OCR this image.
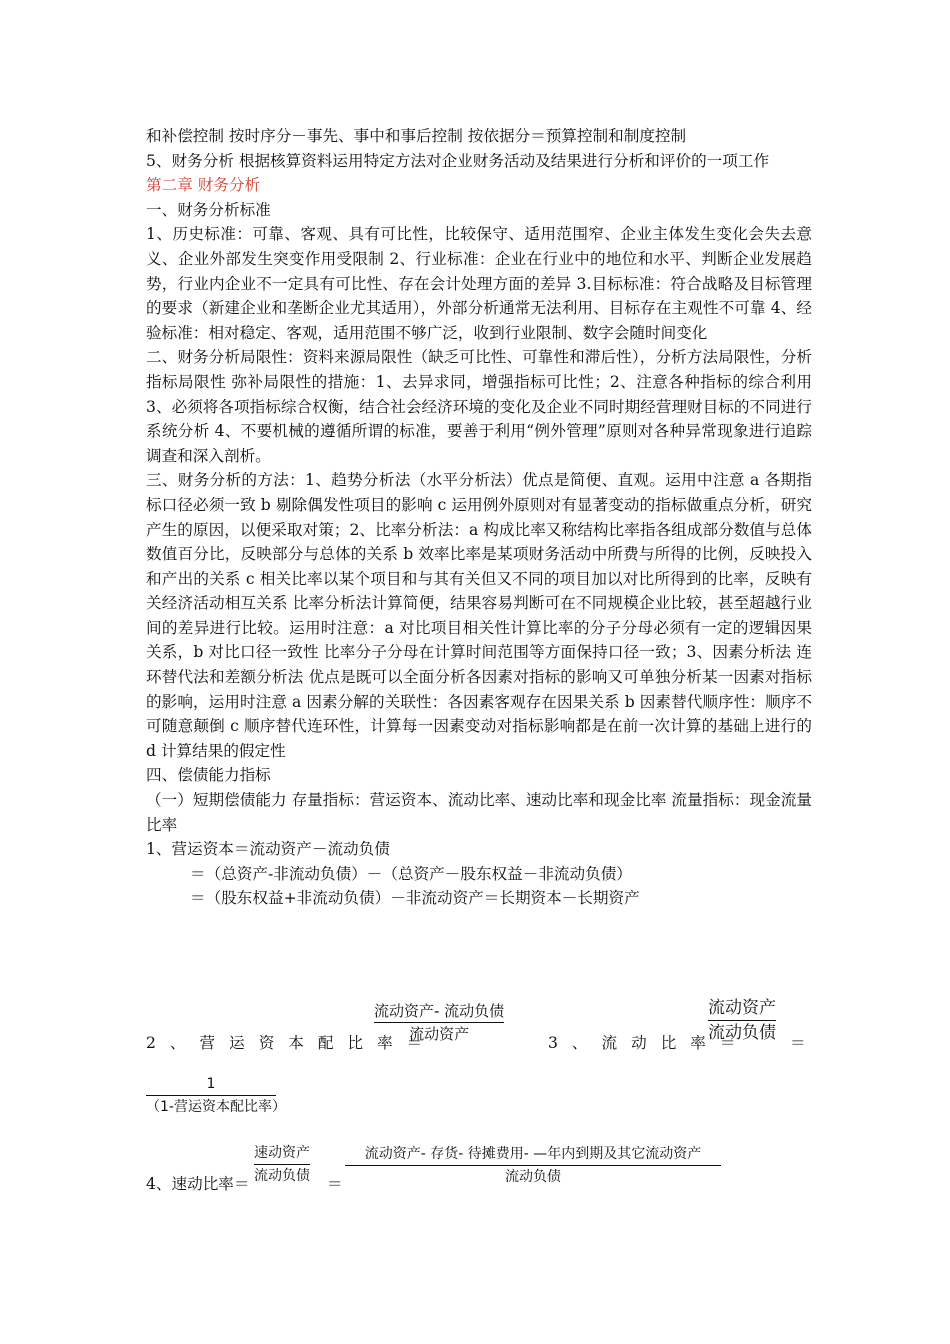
和补偿控制 按时序分－事先、事中和事后控制 按依据分＝预算控制和制度控制

5、财务分析 根据核算资料运用特定方法对企业财务活动及结果进行分析和评价的一项工作

第二章 财务分析

一、财务分析标准

1、历史标准：可靠、客观、具有可比性，比较保守、适用范围窄、企业主体发生变化会失去意义、企业外部发生突变作用受限制 2、行业标准：企业在行业中的地位和水平、判断企业发展趋势，行业内企业不一定具有可比性、存在会计处理方面的差异 3.目标标准：符合战略及目标管理的要求（新建企业和垄断企业尤其适用），外部分析通常无法利用、目标存在主观性不可靠 4、经验标准：相对稳定、客观，适用范围不够广泛，收到行业限制、数字会随时间变化

二、财务分析局限性：资料来源局限性（缺乏可比性、可靠性和滞后性），分析方法局限性，分析指标局限性 弥补局限性的措施：1、去异求同，增强指标可比性；2、注意各种指标的综合利用 3、必须将各项指标综合权衡，结合社会经济环境的变化及企业不同时期经营理财目标的不同进行系统分析 4、不要机械的遵循所谓的标准，要善于利用“例外管理”原则对各种异常现象进行追踪调查和深入剖析。

三、财务分析的方法：1、趋势分析法（水平分析法）优点是简便、直观。运用中注意 a 各期指标口径必须一致 b 剔除偶发性项目的影响 c 运用例外原则对有显著变动的指标做重点分析，研究产生的原因，以便采取对策；2、比率分析法：a 构成比率又称结构比率指各组成部分数值与总体数值百分比，反映部分与总体的关系 b 效率比率是某项财务活动中所费与所得的比例，反映投入和产出的关系 c 相关比率以某个项目和与其有关但又不同的项目加以对比所得到的比率，反映有关经济活动相互关系 比率分析法计算简便，结果容易判断可在不同规模企业比较，甚至超越行业间的差异进行比较。运用时注意：a 对比项目相关性计算比率的分子分母必须有一定的逻辑因果关系，b 对比口径一致性 比率分子分母在计算时间范围等方面保持口径一致；3、因素分析法 连环替代法和差额分析法 优点是既可以全面分析各因素对指标的影响又可单独分析某一因素对指标的影响，运用时注意 a 因素分解的关联性：各因素客观存在因果关系 b 因素替代顺序性：顺序不可随意颠倒 c 顺序替代连环性，计算每一因素变动对指标影响都是在前一次计算的基础上进行的 d 计算结果的假定性

四、偿债能力指标

（一）短期偿债能力 存量指标：营运资本、流动比率、速动比率和现金比率 流量指标：现金流量比率

1、营运资本＝流动资产－流动负债

＝（总资产-非流动负债）－（总资产－股东权益－非流动负债）

＝（股东权益+非流动负债）－非流动资产＝长期资本－长期资产

2、营运资本配比率＝
流动资产- 流动负债
流动资产	3、流动比率＝
流动资产
流动负债 ＝
1
（1-营运资本配比率）
4、速动比率＝
速动资产
流动负债 ＝
流动资产- 存货- 待摊费用- —年内到期及其它流动资产
流动负债
